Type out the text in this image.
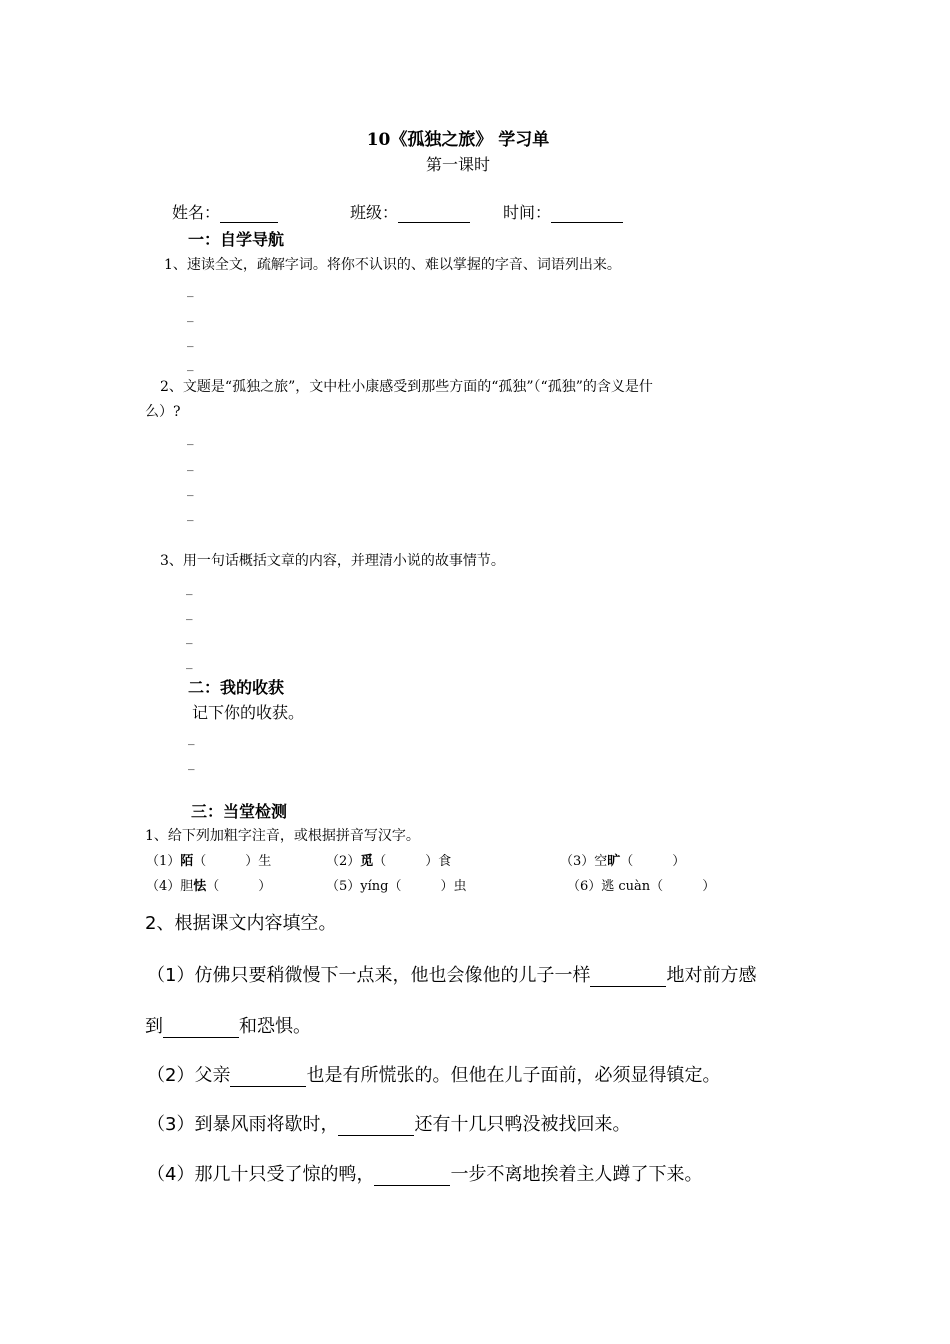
10《孤独之旅》 学习单
第一课时
姓名：	班级：	时间：
一：自学导航
1、速读全文，疏解字词。将你不认识的、难以掌握的字音、词语列出来。
_
_
_
_
2、文题是“孤独之旅”，文中杜小康感受到那些方面的“孤独”（“孤独”的含义是什
么）?
_
_
_
_
3、用一句话概括文章的内容，并理清小说的故事情节。
_
_
_
_
二：我的收获
记下你的收获。
_
_
三：当堂检测
1、给下列加粗字注音，或根据拼音写汉字。
（1）陌（　　　）生	（2）觅（　　　）食	（3）空旷（　　　）
（4）胆怯（　　　）	（5）yíng（　　　）虫	（6）逃 cuàn（　　　）
2、根据课文内容填空。
（1）仿佛只要稍微慢下一点来，他也会像他的儿子一样	地对前方感
到	和恐惧。
（2）父亲	也是有所慌张的。但他在儿子面前，必须显得镇定。
（3）到暴风雨将歇时，	还有十几只鸭没被找回来。
（4）那几十只受了惊的鸭，	一步不离地挨着主人蹲了下来。
